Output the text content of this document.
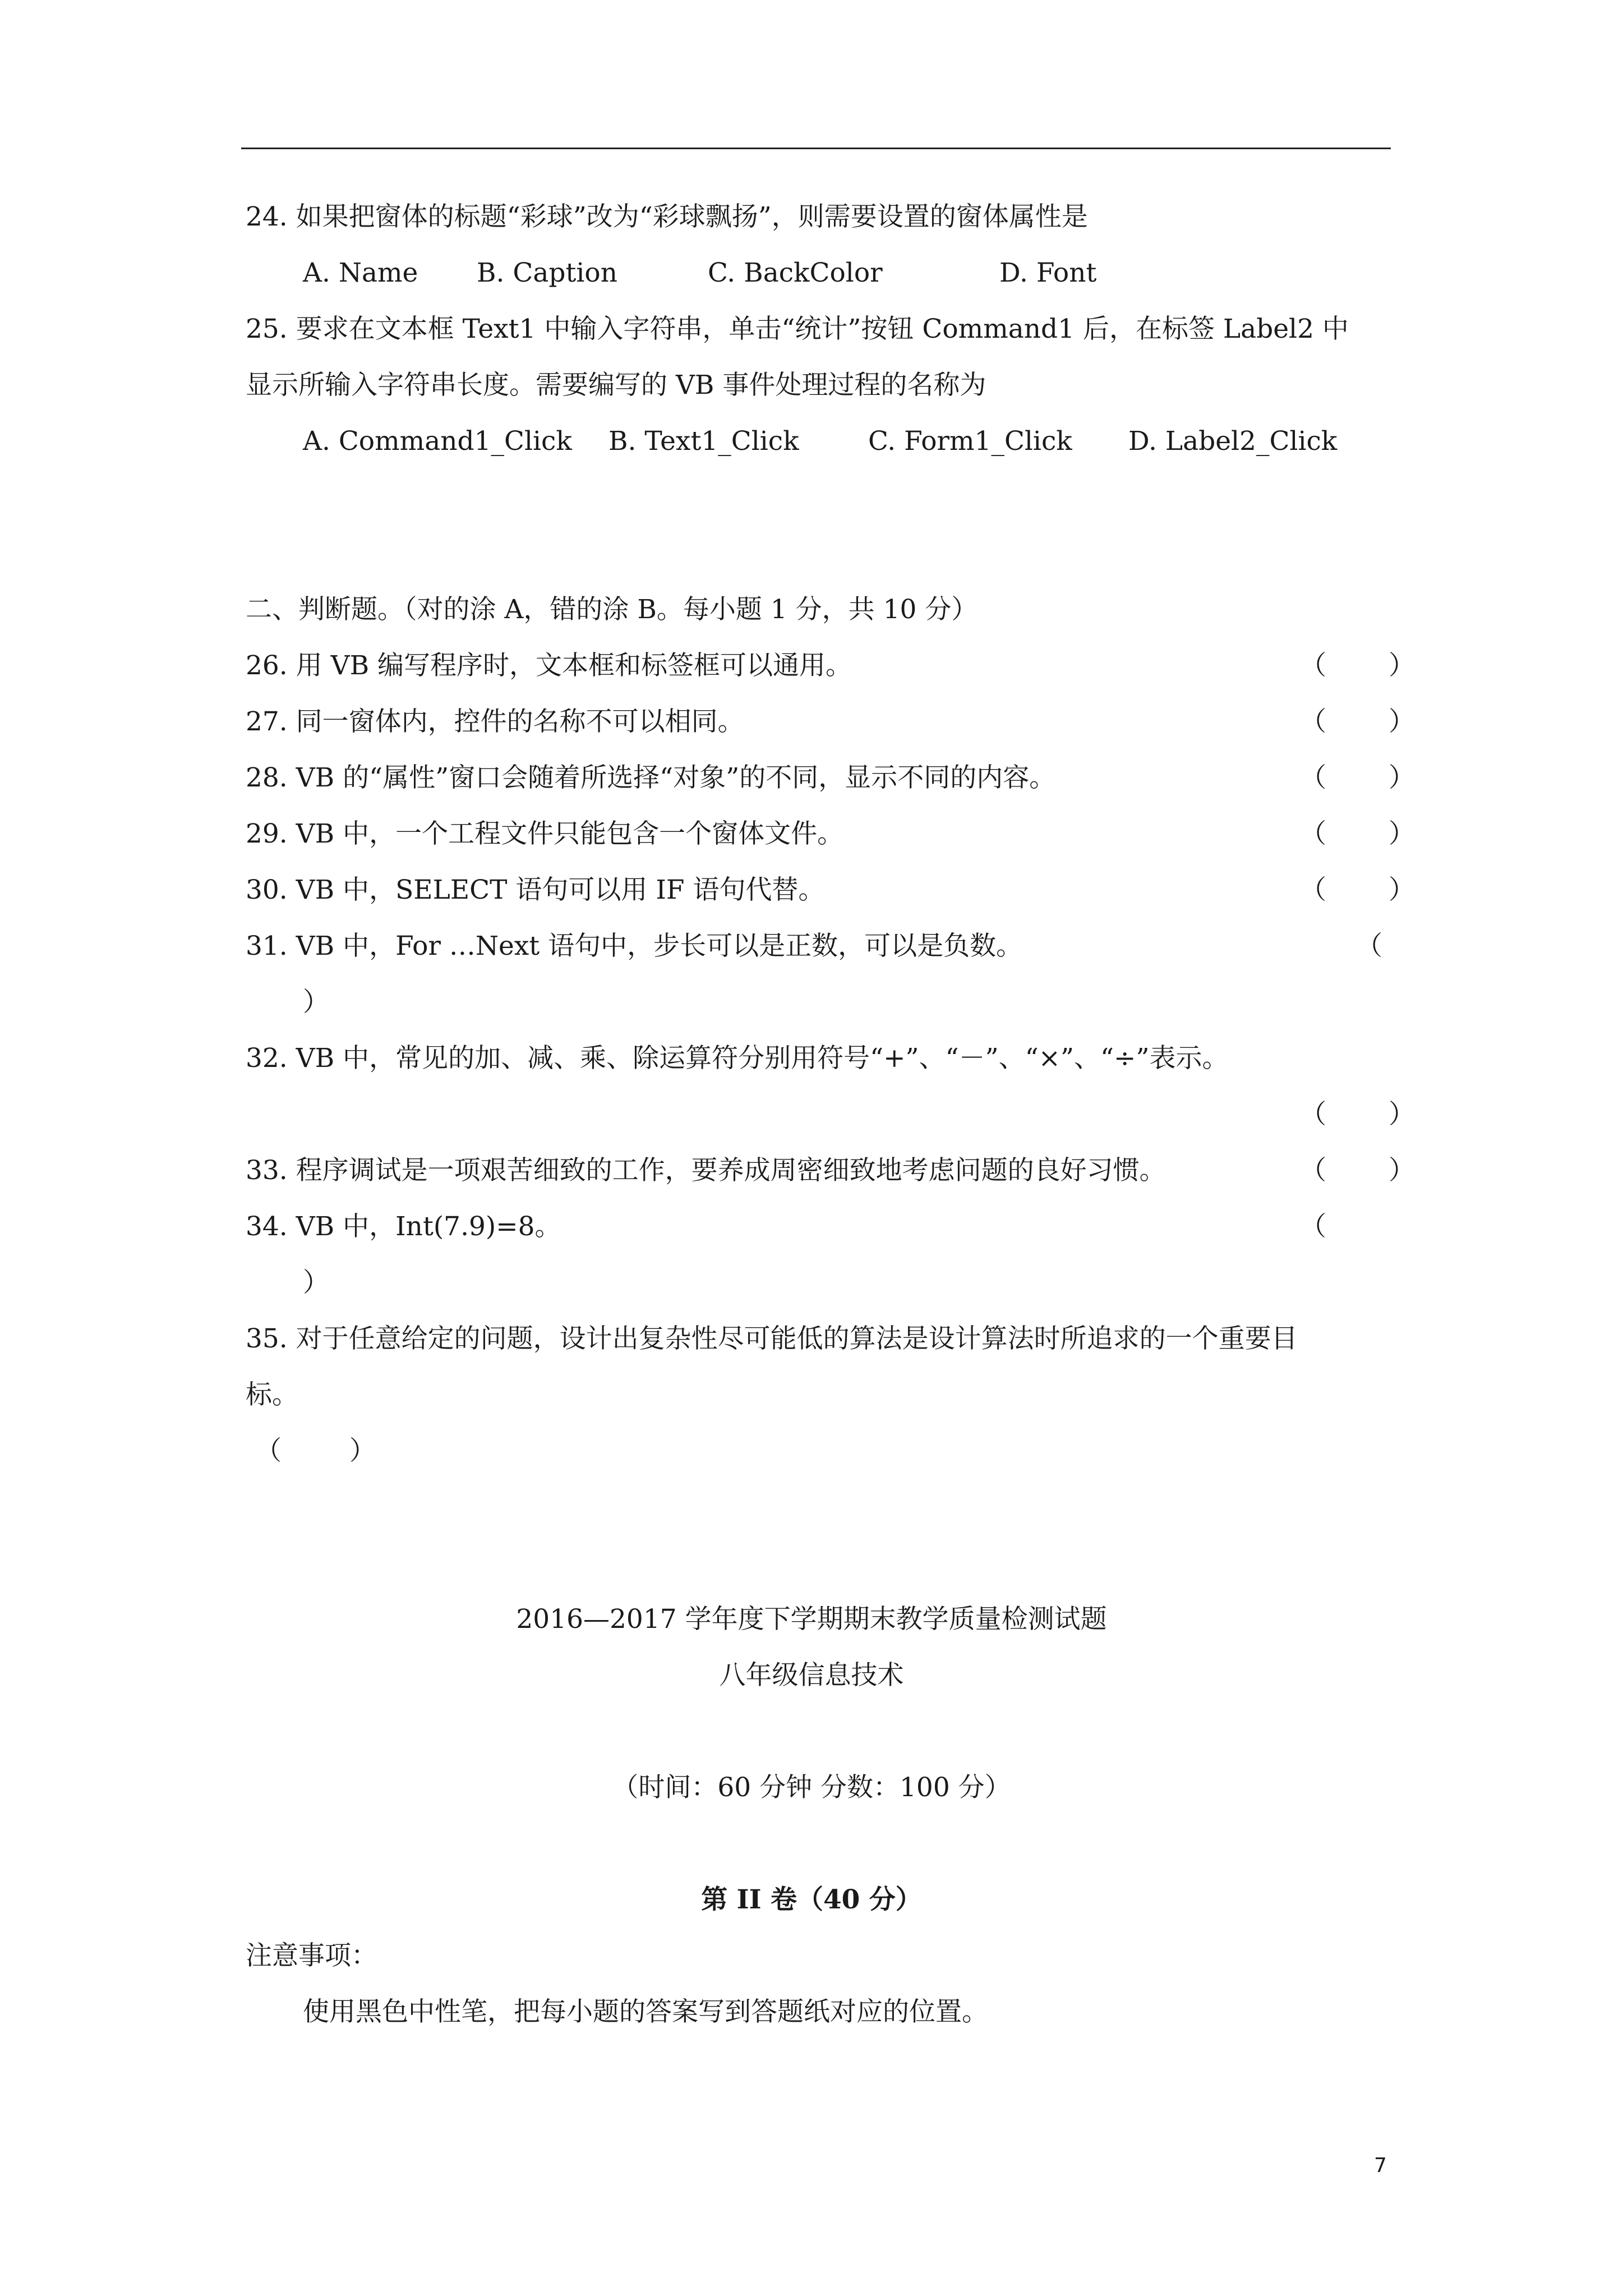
24. 如果把窗体的标题“彩球”改为“彩球飘扬”，则需要设置的窗体属性是
A. Name B. Caption	C. BackColor	D. Font
25. 要求在文本框 Text1 中输入字符串，单击“统计”按钮 Command1 后，在标签 Label2 中
显示所输入字符串长度。需要编写的 VB 事件处理过程的名称为
A. Command1_Click B. Text1_Click	C. Form1_Click D. Label2_Click
二、判断题。（对的涂 A，错的涂 B。每小题 1 分，共 10 分）
26. 用 VB 编写程序时，文本框和标签框可以通用。	（ ）
27. 同一窗体内，控件的名称不可以相同。	（ ）
28. VB 的“属性”窗口会随着所选择“对象”的不同，显示不同的内容。	（ ）
29. VB 中，一个工程文件只能包含一个窗体文件。	（ ）
30. VB 中，SELECT 语句可以用 IF 语句代替。	（ ）
31. VB 中，For …Next 语句中，步长可以是正数，可以是负数。	（
）
32. VB 中，常见的加、减、乘、除运算符分别用符号“+”、“－”、“×”、“÷”表示。
（ ）
33. 程序调试是一项艰苦细致的工作，要养成周密细致地考虑问题的良好习惯。	（ ）
34. VB 中，Int(7.9)=8。	（
）
35. 对于任意给定的问题，设计出复杂性尽可能低的算法是设计算法时所追求的一个重要目
标。
（	）
2016—2017 学年度下学期期末教学质量检测试题
八年级信息技术
（时间：60 分钟 分数：100 分）
第 II 卷（40 分）
注意事项：
使用黑色中性笔，把每小题的答案写到答题纸对应的位置。
7
